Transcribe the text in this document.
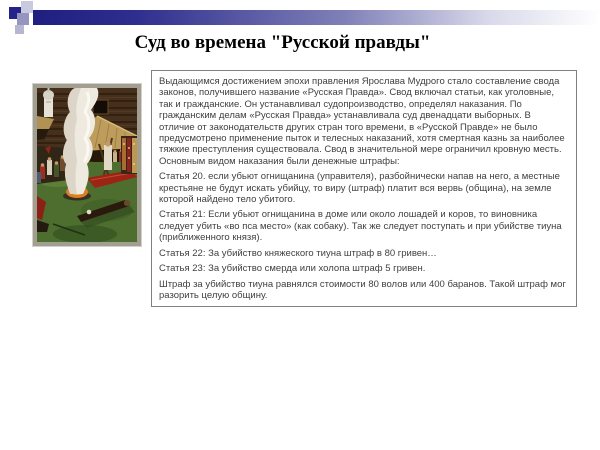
Суд во времена "Русской правды"

Выдающимся достижением эпохи правления Ярослава Мудрого стало составление свода законов, получившего название «Русская Правда». Свод включал статьи, как уголовные, так и гражданские. Он устанавливал судопроизводство, определял наказания. По гражданским делам «Русская Правда» устанавливала суд двенадцати выборных. В отличие от законодательств других стран того времени, в «Русской Правде» не было предусмотрено применение пыток и телесных наказаний, хотя смертная казнь за наиболее тяжкие преступления существовала. Свод в значительной мере ограничил кровную месть. Основным видом наказания были денежные штрафы:

Статья 20. если убьют огнищанина (управителя), разбойнически напав на него, а местные крестьяне не будут искать убийцу, то виру (штраф) платит вся вервь (община), на земле которой найдено тело убитого.

Статья 21: Если убьют огнищанина в доме или около лошадей и коров, то виновника следует убить «во пса место» (как собаку). Так же следует поступать и при убийстве тиуна (приближенного князя).

Статья 22: За убийство княжеского тиуна штраф в 80 гривен…

Статья 23: За убийство смерда или холопа штраф 5 гривен.

Штраф за убийство тиуна равнялся стоимости 80 волов или 400 баранов. Такой штраф мог разорить целую общину.
